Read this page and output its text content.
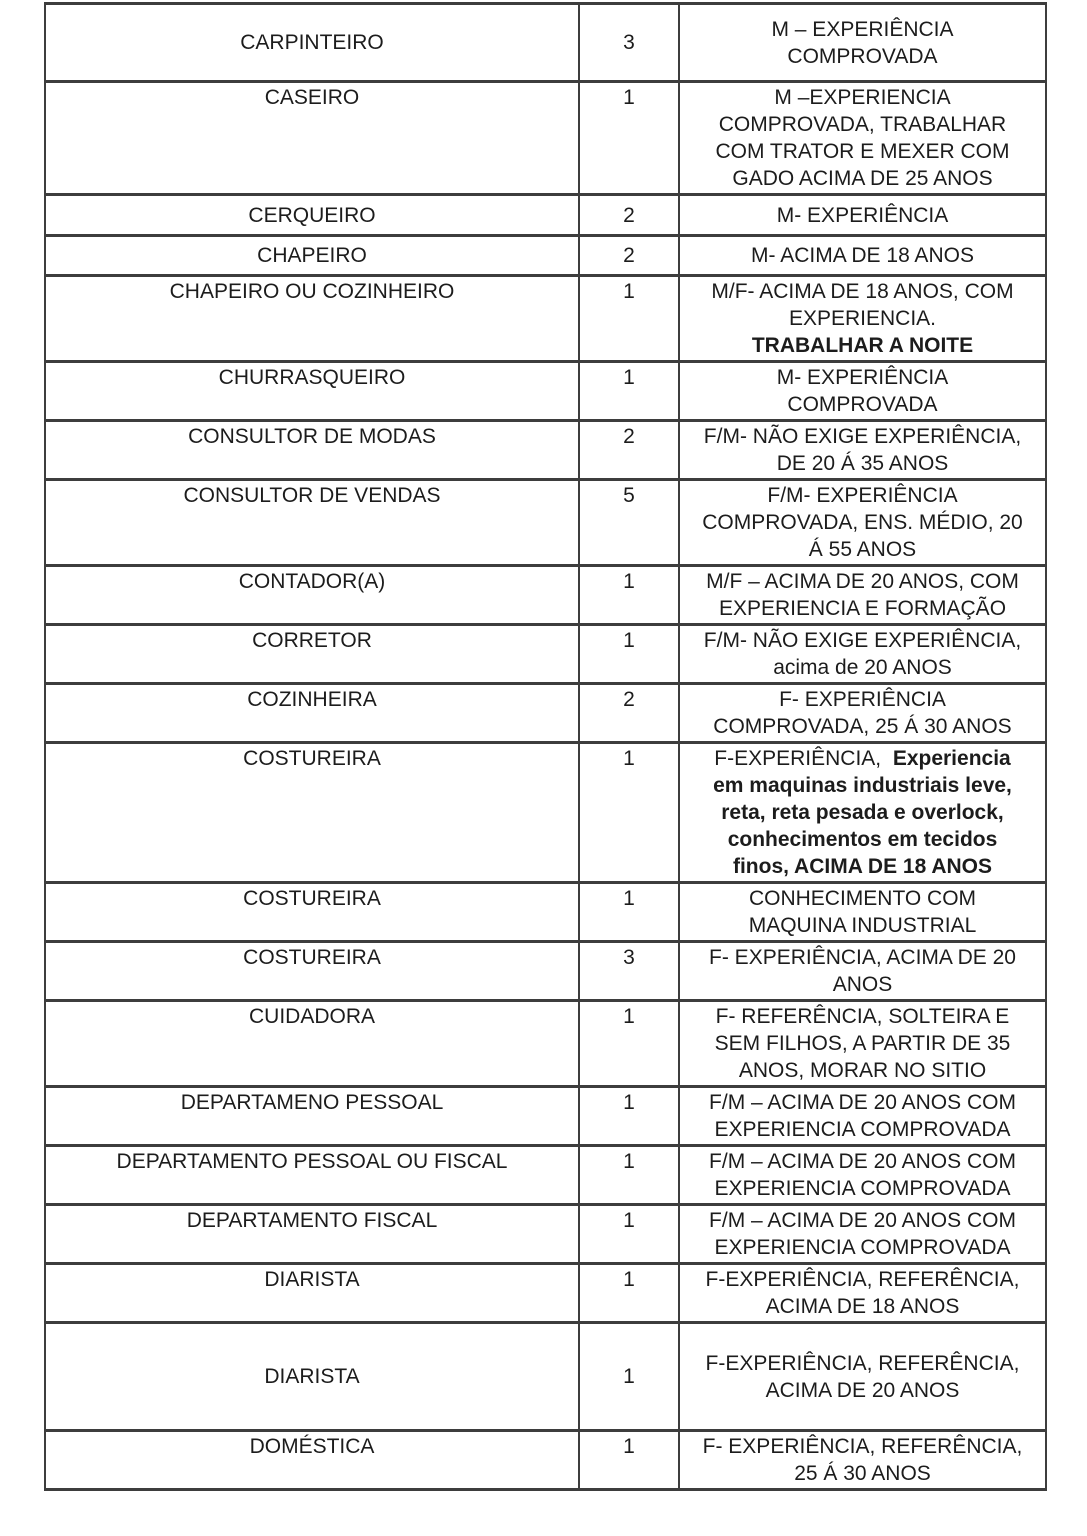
CARPINTEIRO	3	M – EXPERIÊNCIA
COMPROVADA

CASEIRO	1	M –EXPERIENCIA
COMPROVADA, TRABALHAR
COM TRATOR E MEXER COM
GADO ACIMA DE 25 ANOS

CERQUEIRO	2	M- EXPERIÊNCIA

CHAPEIRO	2	M- ACIMA DE 18 ANOS

CHAPEIRO OU COZINHEIRO	1	M/F- ACIMA DE 18 ANOS, COM
EXPERIENCIA.
TRABALHAR A NOITE

CHURRASQUEIRO	1	M- EXPERIÊNCIA
COMPROVADA

CONSULTOR DE MODAS	2	F/M- NÃO EXIGE EXPERIÊNCIA,
DE 20 Á 35 ANOS

CONSULTOR DE VENDAS	5	F/M- EXPERIÊNCIA
COMPROVADA, ENS. MÉDIO, 20
Á 55 ANOS

CONTADOR(A)	1	M/F – ACIMA DE 20 ANOS, COM
EXPERIENCIA E FORMAÇÃO

CORRETOR	1	F/M- NÃO EXIGE EXPERIÊNCIA,
acima de 20 ANOS

COZINHEIRA	2	F- EXPERIÊNCIA
COMPROVADA, 25 Á 30 ANOS

COSTUREIRA	1	F-EXPERIÊNCIA,  Experiencia
em maquinas industriais leve,
reta, reta pesada e overlock,
conhecimentos em tecidos
finos, ACIMA DE 18 ANOS

COSTUREIRA	1	CONHECIMENTO COM
MAQUINA INDUSTRIAL

COSTUREIRA	3	F- EXPERIÊNCIA, ACIMA DE 20
ANOS

CUIDADORA	1	F- REFERÊNCIA, SOLTEIRA E
SEM FILHOS, A PARTIR DE 35
ANOS, MORAR NO SITIO

DEPARTAMENO PESSOAL	1	F/M – ACIMA DE 20 ANOS COM
EXPERIENCIA COMPROVADA

DEPARTAMENTO PESSOAL OU FISCAL	1	F/M – ACIMA DE 20 ANOS COM
EXPERIENCIA COMPROVADA

DEPARTAMENTO FISCAL	1	F/M – ACIMA DE 20 ANOS COM
EXPERIENCIA COMPROVADA

DIARISTA	1	F-EXPERIÊNCIA, REFERÊNCIA,
ACIMA DE 18 ANOS

DIARISTA	1	F-EXPERIÊNCIA, REFERÊNCIA,
ACIMA DE 20 ANOS

DOMÉSTICA	1	F- EXPERIÊNCIA, REFERÊNCIA,
25 Á 30 ANOS
